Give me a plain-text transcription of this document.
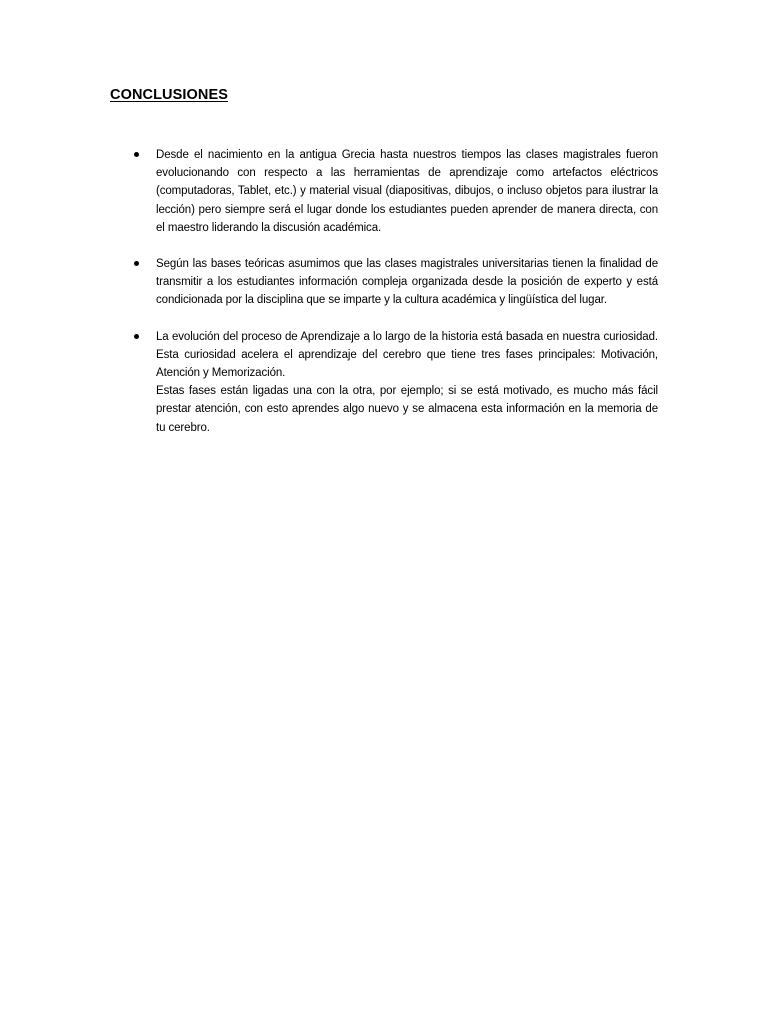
CONCLUSIONES

Desde el nacimiento en la antigua Grecia hasta nuestros tiempos las clases magistrales fueron evolucionando con respecto a las herramientas de aprendizaje como artefactos eléctricos (computadoras, Tablet, etc.) y material visual (diapositivas, dibujos, o incluso objetos para ilustrar la lección) pero siempre será el lugar donde los estudiantes pueden aprender de manera directa, con el maestro liderando la discusión académica.

Según las bases teóricas asumimos que las clases magistrales universitarias tienen la finalidad de transmitir a los estudiantes información compleja organizada desde la posición de experto y está condicionada por la disciplina que se imparte y la cultura académica y lingüística del lugar.

La evolución del proceso de Aprendizaje a lo largo de la historia está basada en nuestra curiosidad. Esta curiosidad acelera el aprendizaje del cerebro que tiene tres fases principales: Motivación, Atención y Memorización.

Estas fases están ligadas una con la otra, por ejemplo; si se está motivado, es mucho más fácil prestar atención, con esto aprendes algo nuevo y se almacena esta información en la memoria de tu cerebro.
